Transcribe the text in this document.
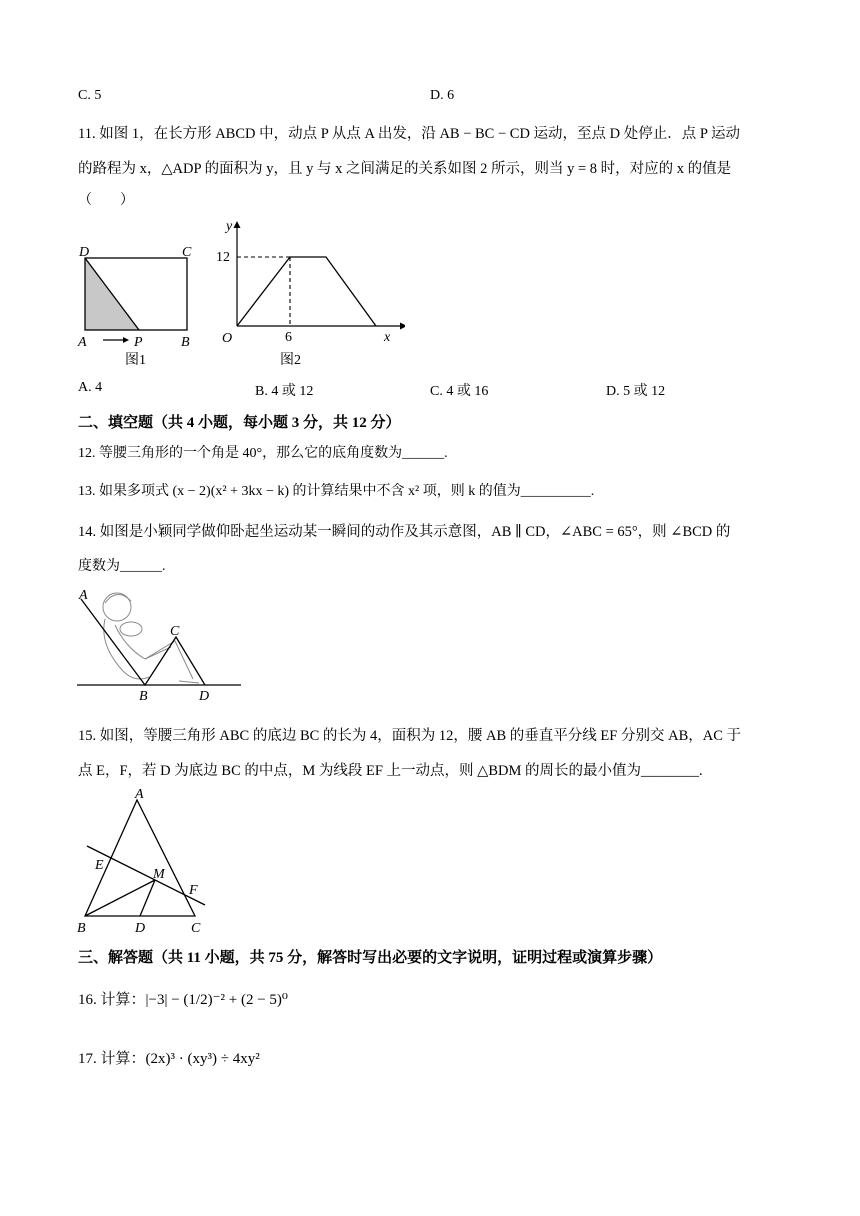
C. 5	D. 6
11. 如图 1，在长方形 ABCD 中，动点 P 从点 A 出发，沿 AB − BC − CD 运动，至点 D 处停止．点 P 运动
的路程为 x，△ADP 的面积为 y，且 y 与 x 之间满足的关系如图 2 所示，则当 y = 8 时，对应的 x 的值是
（　　）
D	C
A	P	B
图1
y
x
O
12
6
图2
A. 4	B. 4 或 12	C. 4 或 16	D. 5 或 12
二、填空题（共 4 小题，每小题 3 分，共 12 分）
12. 等腰三角形的一个角是 40°，那么它的底角度数为______.
13. 如果多项式 (x − 2)(x² + 3kx − k) 的计算结果中不含 x² 项，则 k 的值为__________.
14. 如图是小颖同学做仰卧起坐运动某一瞬间的动作及其示意图，AB ∥ CD，∠ABC = 65°，则 ∠BCD 的
度数为______.
A
C
B	D
15. 如图，等腰三角形 ABC 的底边 BC 的长为 4，面积为 12，腰 AB 的垂直平分线 EF 分别交 AB，AC 于
点 E，F，若 D 为底边 BC 的中点，M 为线段 EF 上一动点，则 △BDM 的周长的最小值为________.
A
E
M
F
B	D	C
三、解答题（共 11 小题，共 75 分，解答时写出必要的文字说明，证明过程或演算步骤）
16. 计算：|−3| − (1/2)⁻² + (2 − 5)⁰
17. 计算：(2x)³ · (xy³) ÷ 4xy²
